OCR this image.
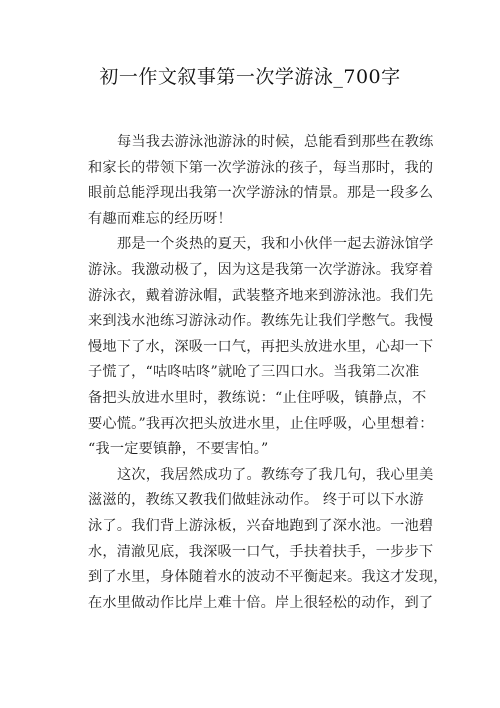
初一作文叙事第一次学游泳_700字
每当我去游泳池游泳的时候，总能看到那些在教练
和家长的带领下第一次学游泳的孩子，每当那时，我的
眼前总能浮现出我第一次学游泳的情景。那是一段多么
有趣而难忘的经历呀！
那是一个炎热的夏天，我和小伙伴一起去游泳馆学
游泳。我激动极了，因为这是我第一次学游泳。我穿着
游泳衣，戴着游泳帽，武装整齐地来到游泳池。我们先
来到浅水池练习游泳动作。教练先让我们学憋气。我慢
慢地下了水，深吸一口气，再把头放进水里，心却一下
子慌了，“咕咚咕咚”就呛了三四口水。当我第二次准
备把头放进水里时，教练说：“止住呼吸，镇静点，不
要心慌。”我再次把头放进水里，止住呼吸，心里想着：
“我一定要镇静，不要害怕。”
这次，我居然成功了。教练夸了我几句，我心里美
滋滋的，教练又教我们做蛙泳动作。 终于可以下水游
泳了。我们背上游泳板，兴奋地跑到了深水池。一池碧
水，清澈见底，我深吸一口气，手扶着扶手，一步步下
到了水里，身体随着水的波动不平衡起来。我这才发现，
在水里做动作比岸上难十倍。岸上很轻松的动作，到了
